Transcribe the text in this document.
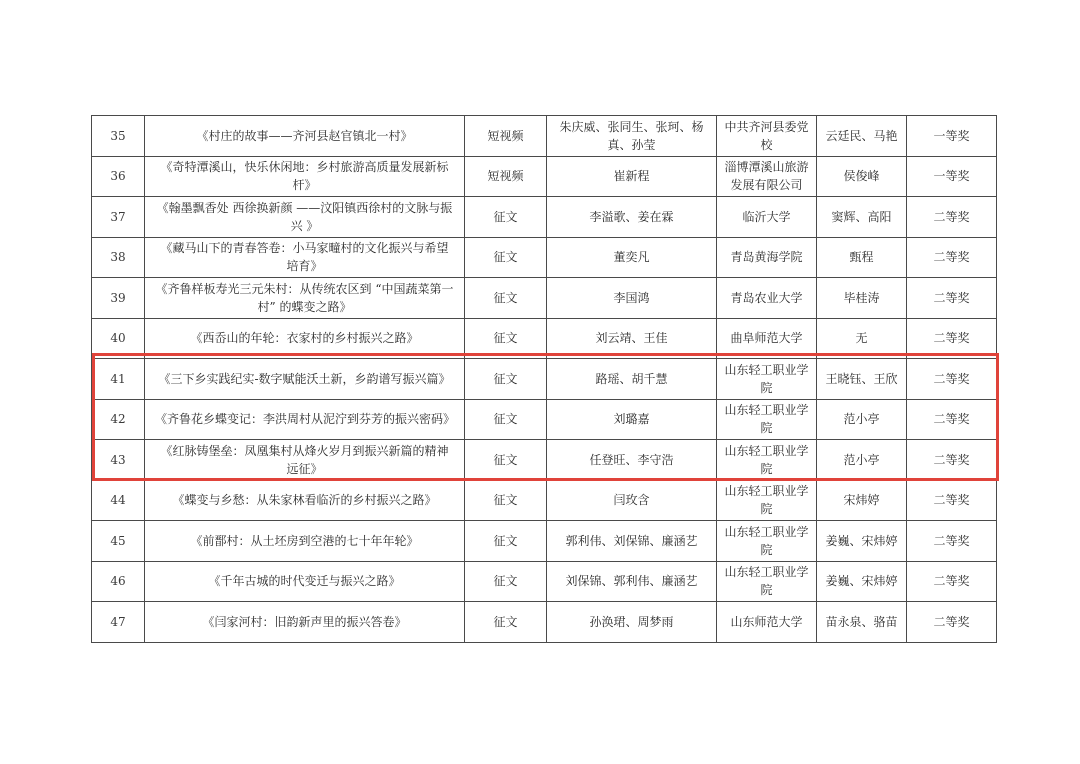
35	《村庄的故事——齐河县赵官镇北一村》	短视频	朱庆威、张同生、张珂、杨真、孙莹	中共齐河县委党校	云廷民、马艳	一等奖
36	《奇特潭溪山，快乐休闲地：乡村旅游高质量发展新标杆》	短视频	崔新程	淄博潭溪山旅游发展有限公司	侯俊峰	一等奖
37	《翰墨飘香处 西徐换新颜 ——汶阳镇西徐村的文脉与振兴 》	征文	李溢歌、姜在霖	临沂大学	窦辉、高阳	二等奖
38	《藏马山下的青春答卷：小马家疃村的文化振兴与希望培育》	征文	董奕凡	青岛黄海学院	甄程	二等奖
39	《齐鲁样板寿光三元朱村：从传统农区到 “中国蔬菜第一村” 的蝶变之路》	征文	李国鸿	青岛农业大学	毕桂涛	二等奖
40	《西岙山的年轮：衣家村的乡村振兴之路》	征文	刘云靖、王佳	曲阜师范大学	无	二等奖
41	《三下乡实践纪实-数字赋能沃土新，乡韵谱写振兴篇》	征文	路瑶、胡千慧	山东轻工职业学院	王晓钰、王欣	二等奖
42	《齐鲁花乡蝶变记：李洪周村从泥泞到芬芳的振兴密码》	征文	刘璐嘉	山东轻工职业学院	范小亭	二等奖
43	《红脉铸堡垒：凤凰集村从烽火岁月到振兴新篇的精神远征》	征文	任登旺、李守浩	山东轻工职业学院	范小亭	二等奖
44	《蝶变与乡愁：从朱家林看临沂的乡村振兴之路》	征文	闫玫含	山东轻工职业学院	宋炜婷	二等奖
45	《前鄑村：从土坯房到空港的七十年年轮》	征文	郭利伟、刘保锦、廉涵艺	山东轻工职业学院	姜巍、宋炜婷	二等奖
46	《千年古城的时代变迁与振兴之路》	征文	刘保锦、郭利伟、廉涵艺	山东轻工职业学院	姜巍、宋炜婷	二等奖
47	《闫家河村：旧韵新声里的振兴答卷》	征文	孙涣珺、周梦雨	山东师范大学	苗永泉、骆苗	二等奖
